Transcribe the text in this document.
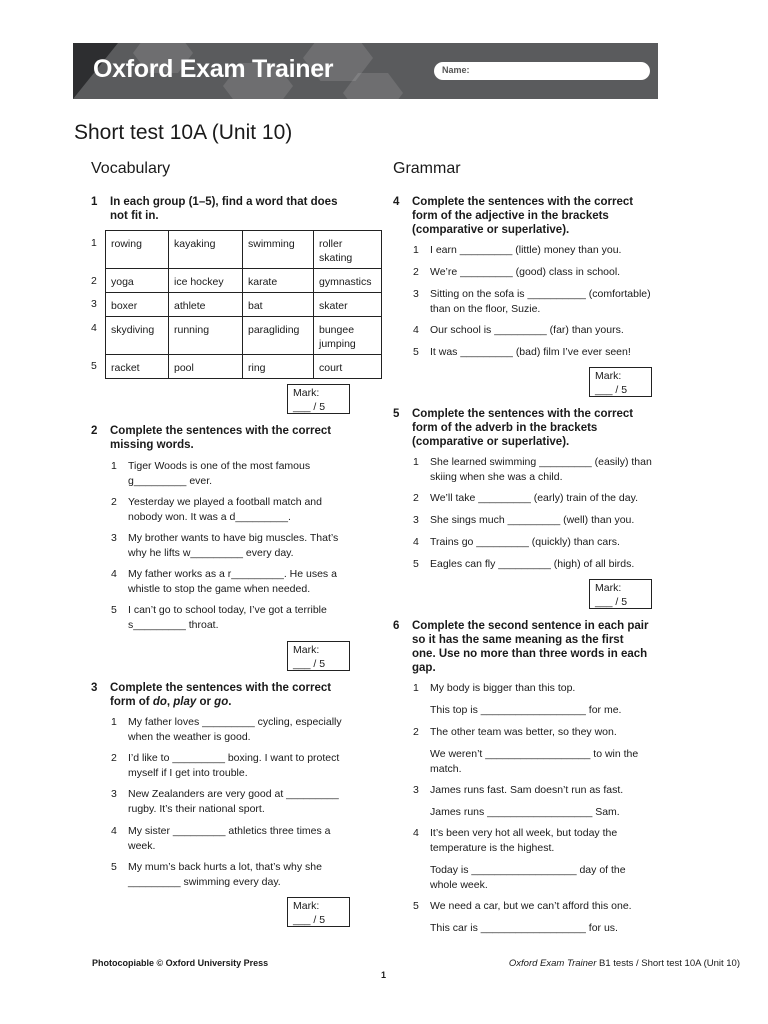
Oxford Exam Trainer	Name:
Short test 10A (Unit 10)
Vocabulary
1 In each group (1–5), find a word that does
not fit in.
1
2
3
4
5
rowing	kayaking	swimming	roller skating
yoga	ice hockey	karate	gymnastics
boxer	athlete	bat	skater
skydiving	running	paragliding	bungee jumping
racket	pool	ring	court
Mark:
___ / 5
2 Complete the sentences with the correct
missing words.
1 Tiger Woods is one of the most famous
g_________ ever.
2 Yesterday we played a football match and
nobody won. It was a d_________.
3 My brother wants to have big muscles. That’s
why he lifts w_________ every day.
4 My father works as a r_________. He uses a
whistle to stop the game when needed.
5 I can’t go to school today, I’ve got a terrible
s_________ throat.
Mark:
___ / 5
3 Complete the sentences with the correct
form of do, play or go.
1 My father loves _________ cycling, especially
when the weather is good.
2 I’d like to _________ boxing. I want to protect
myself if I get into trouble.
3 New Zealanders are very good at _________
rugby. It’s their national sport.
4 My sister _________ athletics three times a
week.
5 My mum’s back hurts a lot, that’s why she
_________ swimming every day.
Mark:
___ / 5
Grammar
4 Complete the sentences with the correct
form of the adjective in the brackets
(comparative or superlative).
1 I earn _________ (little) money than you.
2 We’re _________ (good) class in school.
3 Sitting on the sofa is __________ (comfortable)
than on the floor, Suzie.
4 Our school is _________ (far) than yours.
5 It was _________ (bad) film I’ve ever seen!
Mark:
___ / 5
5 Complete the sentences with the correct
form of the adverb in the brackets
(comparative or superlative).
1 She learned swimming _________ (easily) than
skiing when she was a child.
2 We’ll take _________ (early) train of the day.
3 She sings much _________ (well) than you.
4 Trains go _________ (quickly) than cars.
5 Eagles can fly _________ (high) of all birds.
Mark:
___ / 5
6 Complete the second sentence in each pair
so it has the same meaning as the first
one. Use no more than three words in each
gap.
1 My body is bigger than this top.
This top is __________________ for me.
2 The other team was better, so they won.
We weren’t __________________ to win the
match.
3 James runs fast. Sam doesn’t run as fast.
James runs __________________ Sam.
4 It’s been very hot all week, but today the
temperature is the highest.
Today is __________________ day of the
whole week.
5 We need a car, but we can’t afford this one.
This car is __________________ for us.
Photocopiable © Oxford University Press	Oxford Exam Trainer B1 tests / Short test 10A (Unit 10)
1
